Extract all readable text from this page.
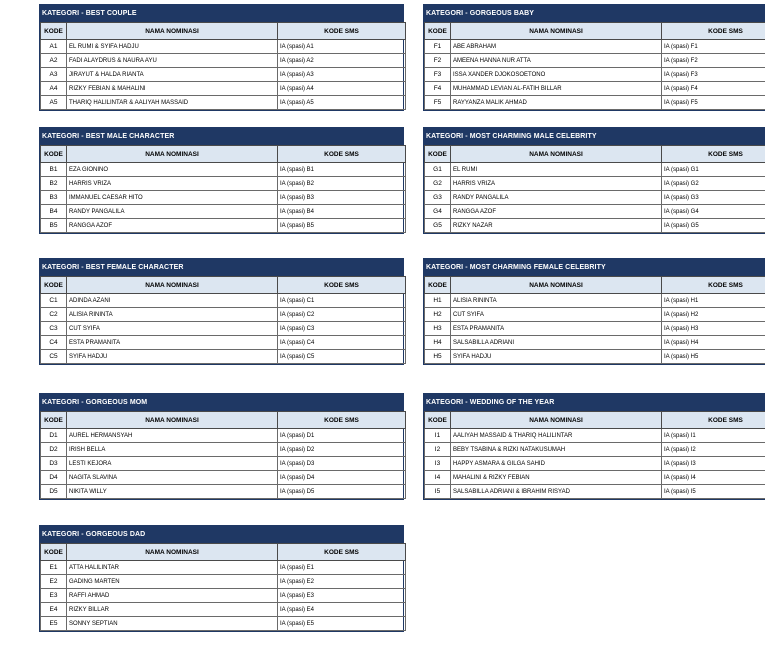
KATEGORI - BEST COUPLE
KODE	NAMA NOMINASI	KODE SMS
A1	EL RUMI & SYIFA HADJU	IA (spasi) A1
A2	FADI ALAYDRUS & NAURA AYU	IA (spasi) A2
A3	JIRAYUT & HALDA RIANTA	IA (spasi) A3
A4	RIZKY FEBIAN & MAHALINI	IA (spasi) A4
A5	THARIQ HALILINTAR & AALIYAH MASSAID	IA (spasi) A5
KATEGORI - GORGEOUS BABY
KODE	NAMA NOMINASI	KODE SMS
F1	ABE ABRAHAM	IA (spasi) F1
F2	AMEENA HANNA NUR ATTA	IA (spasi) F2
F3	ISSA XANDER DJOKOSOETONO	IA (spasi) F3
F4	MUHAMMAD LEVIAN AL-FATIH BILLAR	IA (spasi) F4
F5	RAYYANZA MALIK AHMAD	IA (spasi) F5
KATEGORI - BEST MALE CHARACTER
KODE	NAMA NOMINASI	KODE SMS
B1	EZA GIONINO	IA (spasi) B1
B2	HARRIS VRIZA	IA (spasi) B2
B3	IMMANUEL CAESAR HITO	IA (spasi) B3
B4	RANDY PANGALILA	IA (spasi) B4
B5	RANGGA AZOF	IA (spasi) B5
KATEGORI - MOST CHARMING MALE CELEBRITY
KODE	NAMA NOMINASI	KODE SMS
G1	EL RUMI	IA (spasi) G1
G2	HARRIS VRIZA	IA (spasi) G2
G3	RANDY PANGALILA	IA (spasi) G3
G4	RANGGA AZOF	IA (spasi) G4
G5	RIZKY NAZAR	IA (spasi) G5
KATEGORI - BEST FEMALE CHARACTER
KODE	NAMA NOMINASI	KODE SMS
C1	ADINDA AZANI	IA (spasi) C1
C2	ALISIA RININTA	IA (spasi) C2
C3	CUT SYIFA	IA (spasi) C3
C4	ESTA PRAMANITA	IA (spasi) C4
C5	SYIFA HADJU	IA (spasi) C5
KATEGORI - MOST CHARMING FEMALE CELEBRITY
KODE	NAMA NOMINASI	KODE SMS
H1	ALISIA RININTA	IA (spasi) H1
H2	CUT SYIFA	IA (spasi) H2
H3	ESTA PRAMANITA	IA (spasi) H3
H4	SALSABILLA ADRIANI	IA (spasi) H4
H5	SYIFA HADJU	IA (spasi) H5
KATEGORI - GORGEOUS MOM
KODE	NAMA NOMINASI	KODE SMS
D1	AUREL HERMANSYAH	IA (spasi) D1
D2	IRISH BELLA	IA (spasi) D2
D3	LESTI KEJORA	IA (spasi) D3
D4	NAGITA SLAVINA	IA (spasi) D4
D5	NIKITA WILLY	IA (spasi) D5
KATEGORI - WEDDING OF THE YEAR
KODE	NAMA NOMINASI	KODE SMS
I1	AALIYAH MASSAID & THARIQ HALILINTAR	IA (spasi) I1
I2	BEBY TSABINA & RIZKI NATAKUSUMAH	IA (spasi) I2
I3	HAPPY ASMARA & GILGA SAHID	IA (spasi) I3
I4	MAHALINI & RIZKY FEBIAN	IA (spasi) I4
I5	SALSABILLA ADRIANI & IBRAHIM RISYAD	IA (spasi) I5
KATEGORI - GORGEOUS DAD
KODE	NAMA NOMINASI	KODE SMS
E1	ATTA HALILINTAR	IA (spasi) E1
E2	GADING MARTEN	IA (spasi) E2
E3	RAFFI AHMAD	IA (spasi) E3
E4	RIZKY BILLAR	IA (spasi) E4
E5	SONNY SEPTIAN	IA (spasi) E5
